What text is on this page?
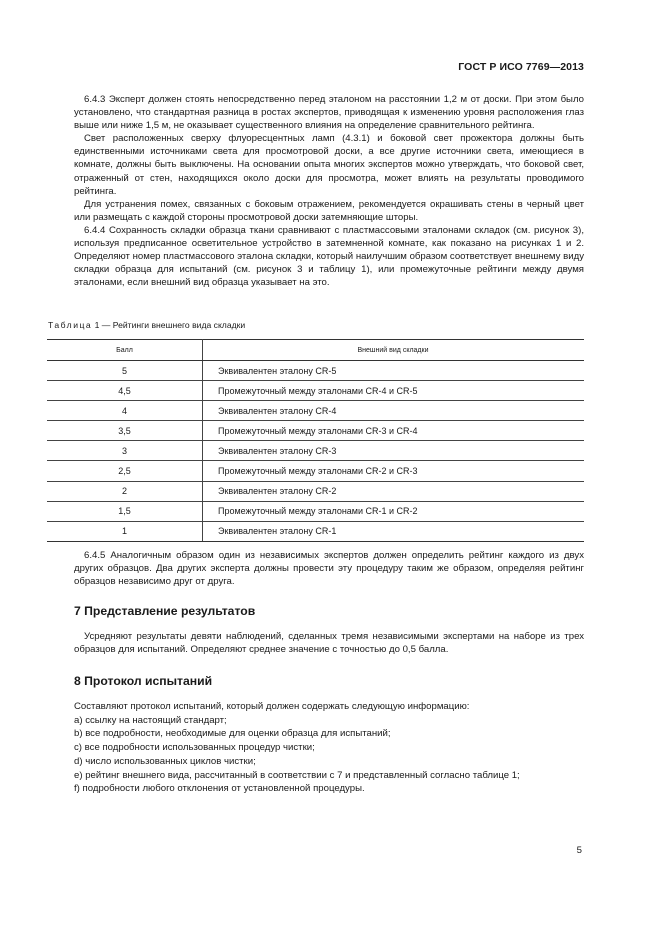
ГОСТ Р ИСО 7769—2013

6.4.3 Эксперт должен стоять непосредственно перед эталоном на расстоянии 1,2 м от доски. При этом было установлено, что стандартная разница в ростах экспертов, приводящая к изменению уровня расположения глаз выше или ниже 1,5 м, не оказывает существенного влияния на определение сравнительного рейтинга.

Свет расположенных сверху флуоресцентных ламп (4.3.1) и боковой свет прожектора должны быть единственными источниками света для просмотровой доски, а все другие источники света, имеющиеся в комнате, должны быть выключены. На основании опыта многих экспертов можно утверждать, что боковой свет, отраженный от стен, находящихся около доски для просмотра, может влиять на результаты проводимого рейтинга.

Для устранения помех, связанных с боковым отражением, рекомендуется окрашивать стены в черный цвет или размещать с каждой стороны просмотровой доски затемняющие шторы.

6.4.4 Сохранность складки образца ткани сравнивают с пластмассовыми эталонами складок (см. рисунок 3), используя предписанное осветительное устройство в затемненной комнате, как показано на рисунках 1 и 2. Определяют номер пластмассового эталона складки, который наилучшим образом соответствует внешнему виду складки образца для испытаний (см. рисунок 3 и таблицу 1), или промежуточные рейтинги между двумя эталонами, если внешний вид образца указывает на это.

Таблица 1 — Рейтинги внешнего вида складки
Балл	Внешний вид складки
5	Эквивалентен эталону CR-5
4,5	Промежуточный между эталонами CR-4 и CR-5
4	Эквивалентен эталону CR-4
3,5	Промежуточный между эталонами CR-3 и CR-4
3	Эквивалентен эталону CR-3
2,5	Промежуточный между эталонами CR-2 и CR-3
2	Эквивалентен эталону CR-2
1,5	Промежуточный между эталонами CR-1 и CR-2
1	Эквивалентен эталону CR-1

6.4.5 Аналогичным образом один из независимых экспертов должен определить рейтинг каждого из двух других образцов. Два других эксперта должны провести эту процедуру таким же образом, определяя рейтинг образцов независимо друг от друга.

7 Представление результатов

Усредняют результаты девяти наблюдений, сделанных тремя независимыми экспертами на наборе из трех образцов для испытаний. Определяют среднее значение с точностью до 0,5 балла.

8 Протокол испытаний
Составляют протокол испытаний, который должен содержать следующую информацию:
a) ссылку на настоящий стандарт;
b) все подробности, необходимые для оценки образца для испытаний;
c) все подробности использованных процедур чистки;
d) число использованных циклов чистки;
e) рейтинг внешнего вида, рассчитанный в соответствии с 7 и представленный согласно таблице 1;
f) подробности любого отклонения от установленной процедуры.
5
